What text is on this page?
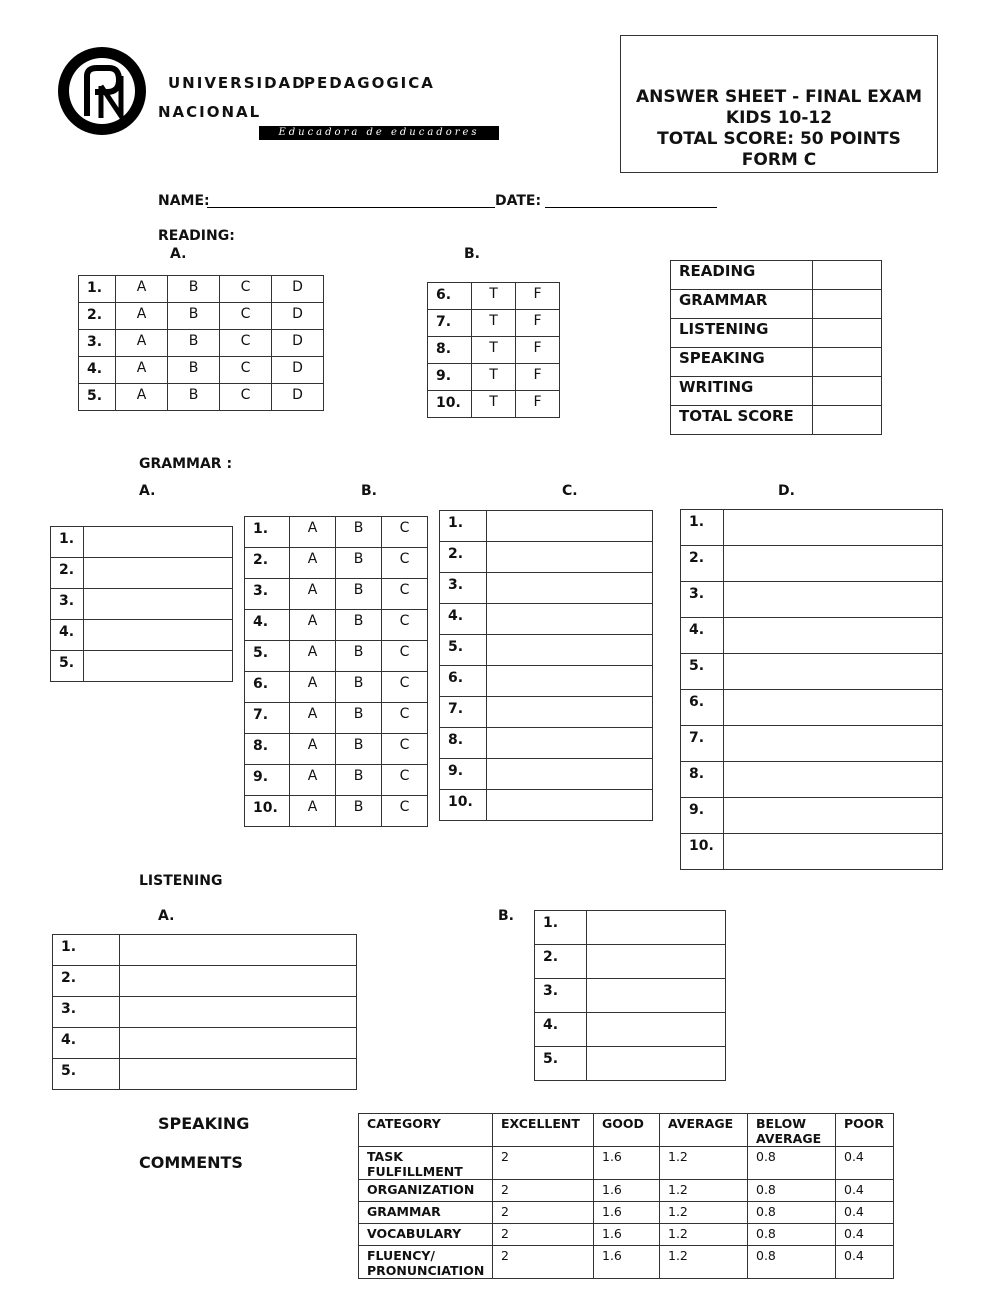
UNIVERSIDAD
PEDAGOGICA
NACIONAL
Educadora de educadores
ANSWER SHEET - FINAL EXAM
KIDS 10-12
TOTAL SCORE: 50 POINTS
FORM C
NAME:	DATE:
READING:
A.	B.
1.	A	B	C	D
2.	A	B	C	D
3.	A	B	C	D
4.	A	B	C	D
5.	A	B	C	D
6.	T	F
7.	T	F
8.	T	F
9.	T	F
10.	T	F
READING	
GRAMMAR	
LISTENING	
SPEAKING	
WRITING	
TOTAL SCORE	
GRAMMAR :
A.	B.	C.	D.
1.	
2.	
3.	
4.	
5.	
1.	A	B	C
2.	A	B	C
3.	A	B	C
4.	A	B	C
5.	A	B	C
6.	A	B	C
7.	A	B	C
8.	A	B	C
9.	A	B	C
10.	A	B	C
1.	
2.	
3.	
4.	
5.	
6.	
7.	
8.	
9.	
10.	
1.	
2.	
3.	
4.	
5.	
6.	
7.	
8.	
9.	
10.	
LISTENING
A.	B.
1.	
2.	
3.	
4.	
5.	
1.	
2.	
3.	
4.	
5.	
SPEAKING
COMMENTS
CATEGORY	EXCELLENT	GOOD	AVERAGE	BELOW AVERAGE	POOR
TASK FULFILLMENT	2	1.6	1.2	0.8	0.4
ORGANIZATION	2	1.6	1.2	0.8	0.4
GRAMMAR	2	1.6	1.2	0.8	0.4
VOCABULARY	2	1.6	1.2	0.8	0.4
FLUENCY/ PRONUNCIATION	2	1.6	1.2	0.8	0.4
